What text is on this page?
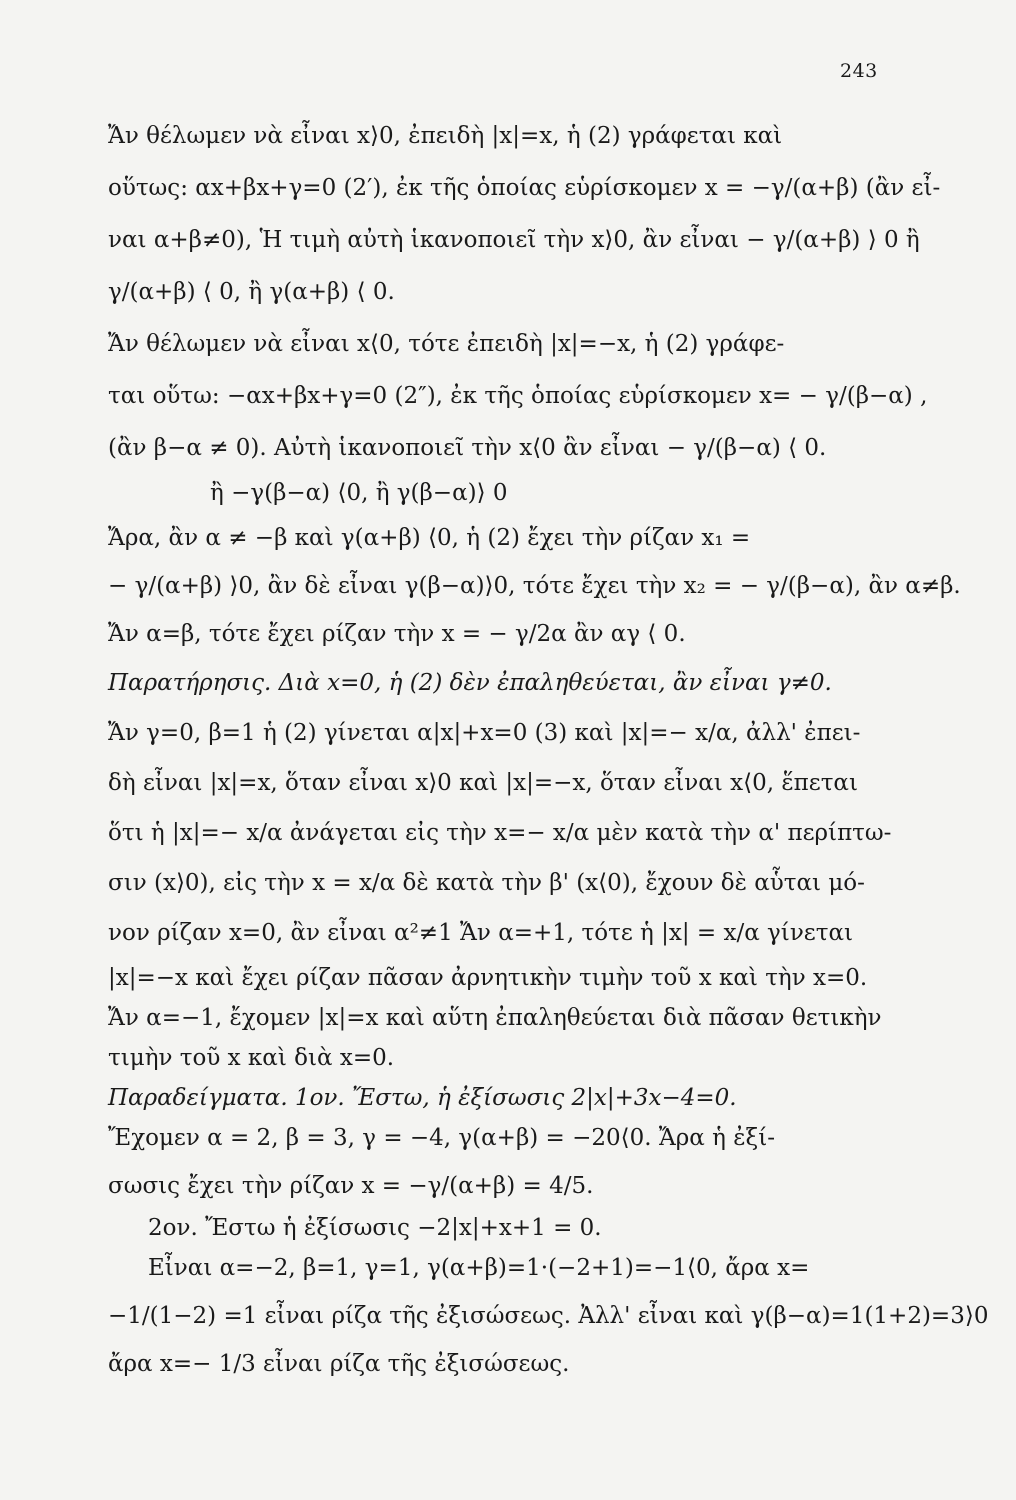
243
Ἄν θέλωμεν νὰ εἶναι x⟩0, ἐπειδὴ |x|=x, ἡ (2) γράφεται καὶ
οὕτως: αx+βx+γ=0 (2′), ἐκ τῆς ὁποίας εὑρίσκομεν x = −γ/(α+β) (ἂν εἶ-
ναι α+β≠0), Ἡ τιμὴ αὐτὴ ἱκανοποιεῖ τὴν x⟩0, ἂν εἶναι − γ/(α+β) ⟩ 0 ἢ
γ/(α+β) ⟨ 0, ἢ γ(α+β) ⟨ 0.
Ἄν θέλωμεν νὰ εἶναι x⟨0, τότε ἐπειδὴ |x|=−x, ἡ (2) γράφε-
ται οὕτω: −αx+βx+γ=0 (2″), ἐκ τῆς ὁποίας εὑρίσκομεν x= − γ/(β−α) ,
(ἂν β−α ≠ 0). Αὐτὴ ἱκανοποιεῖ τὴν x⟨0 ἂν εἶναι − γ/(β−α) ⟨ 0.
ἢ −γ(β−α) ⟨0, ἢ γ(β−α)⟩ 0
Ἄρα, ἂν α ≠ −β καὶ γ(α+β) ⟨0, ἡ (2) ἔχει τὴν ρίζαν x₁ =
− γ/(α+β) ⟩0, ἂν δὲ εἶναι γ(β−α)⟩0, τότε ἔχει τὴν x₂ = − γ/(β−α), ἂν α≠β.
Ἄν α=β, τότε ἔχει ρίζαν τὴν x = − γ/2α ἂν αγ ⟨ 0.
Παρατήρησις. Διὰ x=0, ἡ (2) δὲν ἐπαληθεύεται, ἂν εἶναι γ≠0.
Ἄν γ=0, β=1 ἡ (2) γίνεται α|x|+x=0 (3) καὶ |x|=− x/α, ἀλλ' ἐπει-
δὴ εἶναι |x|=x, ὅταν εἶναι x⟩0 καὶ |x|=−x, ὅταν εἶναι x⟨0, ἕπεται
ὅτι ἡ |x|=− x/α ἀνάγεται εἰς τὴν x=− x/α μὲν κατὰ τὴν α' περίπτω-
σιν (x⟩0), εἰς τὴν x = x/α δὲ κατὰ τὴν β' (x⟨0), ἔχουν δὲ αὗται μό-
νον ρίζαν x=0, ἂν εἶναι α²≠1 Ἄν α=+1, τότε ἡ |x| = x/α γίνεται
|x|=−x καὶ ἔχει ρίζαν πᾶσαν ἀρνητικὴν τιμὴν τοῦ x καὶ τὴν x=0.
Ἄν α=−1, ἔχομεν |x|=x καὶ αὕτη ἐπαληθεύεται διὰ πᾶσαν θετικὴν
τιμὴν τοῦ x καὶ διὰ x=0.
Παραδείγματα. 1ον. Ἔστω, ἡ ἐξίσωσις 2|x|+3x−4=0.
Ἔχομεν α = 2, β = 3, γ = −4, γ(α+β) = −20⟨0. Ἄρα ἡ ἐξί-
σωσις ἔχει τὴν ρίζαν x = −γ/(α+β) = 4/5.
2ον. Ἔστω ἡ ἐξίσωσις −2|x|+x+1 = 0.
Εἶναι α=−2, β=1, γ=1, γ(α+β)=1·(−2+1)=−1⟨0, ἄρα x=
−1/(1−2) =1 εἶναι ρίζα τῆς ἐξισώσεως. Ἀλλ' εἶναι καὶ γ(β−α)=1(1+2)=3⟩0
ἄρα x=− 1/3 εἶναι ρίζα τῆς ἐξισώσεως.
